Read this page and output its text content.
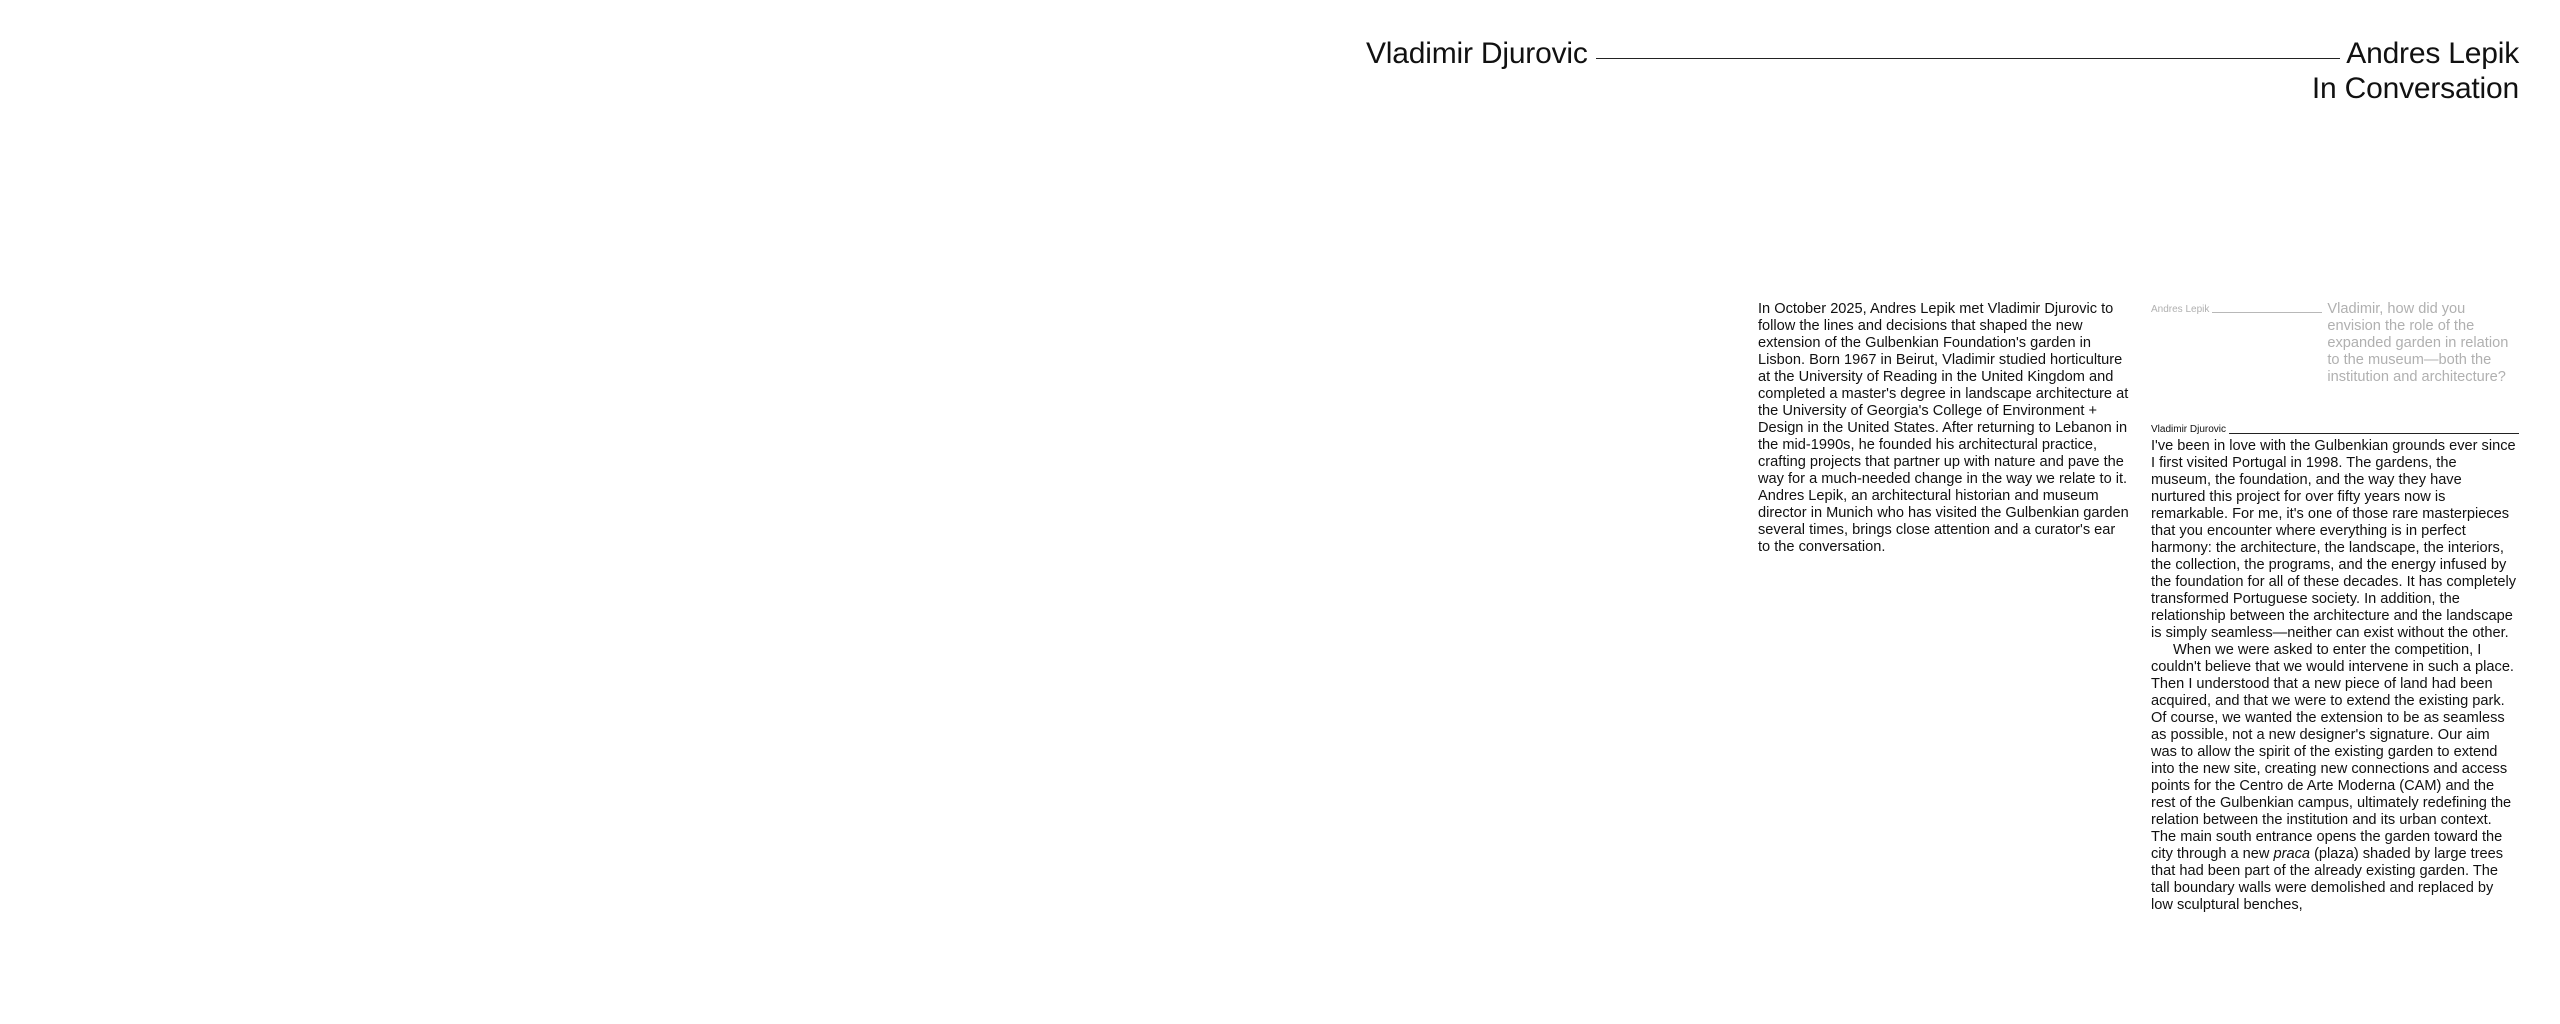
Vladimir Djurovic	Andres Lepik
In Conversation
In October 2025, Andres Lepik met Vladimir Djurovic to follow the lines and decisions that shaped the new extension of the Gulbenkian Foundation's garden in Lisbon. Born 1967 in Beirut, Vladimir studied horticulture at the University of Reading in the United Kingdom and completed a master's degree in landscape architecture at the University of Georgia's College of Environment + Design in the United States. After returning to Lebanon in the mid-1990s, he founded his architectural practice, crafting projects that partner up with nature and pave the way for a much-needed change in the way we relate to it. Andres Lepik, an architectural historian and museum director in Munich who has visited the Gulbenkian garden several times, brings close attention and a curator's ear to the conversation.
Andres Lepik	Vladimir, how did you envision the role of the expanded garden in relation to the museum—both the institution and architecture?
Vladimir Djurovic

I've been in love with the Gulbenkian grounds ever since I first visited Portugal in 1998. The gardens, the museum, the foundation, and the way they have nurtured this project for over fifty years now is remarkable. For me, it's one of those rare masterpieces that you encounter where everything is in perfect harmony: the architecture, the landscape, the interiors, the collection, the programs, and the energy infused by the foundation for all of these decades. It has completely transformed Portuguese society. In addition, the relationship between the architecture and the landscape is simply seamless—neither can exist without the other.

When we were asked to enter the competition, I couldn't believe that we would intervene in such a place. Then I understood that a new piece of land had been acquired, and that we were to extend the existing park. Of course, we wanted the extension to be as seamless as possible, not a new designer's signature. Our aim was to allow the spirit of the existing garden to extend into the new site, creating new connections and access points for the Centro de Arte Moderna (CAM) and the rest of the Gulbenkian campus, ultimately redefining the relation between the institution and its urban context. The main south entrance opens the garden toward the city through a new praca (plaza) shaded by large trees that had been part of the already existing garden. The tall boundary walls were demolished and replaced by low sculptural benches,
